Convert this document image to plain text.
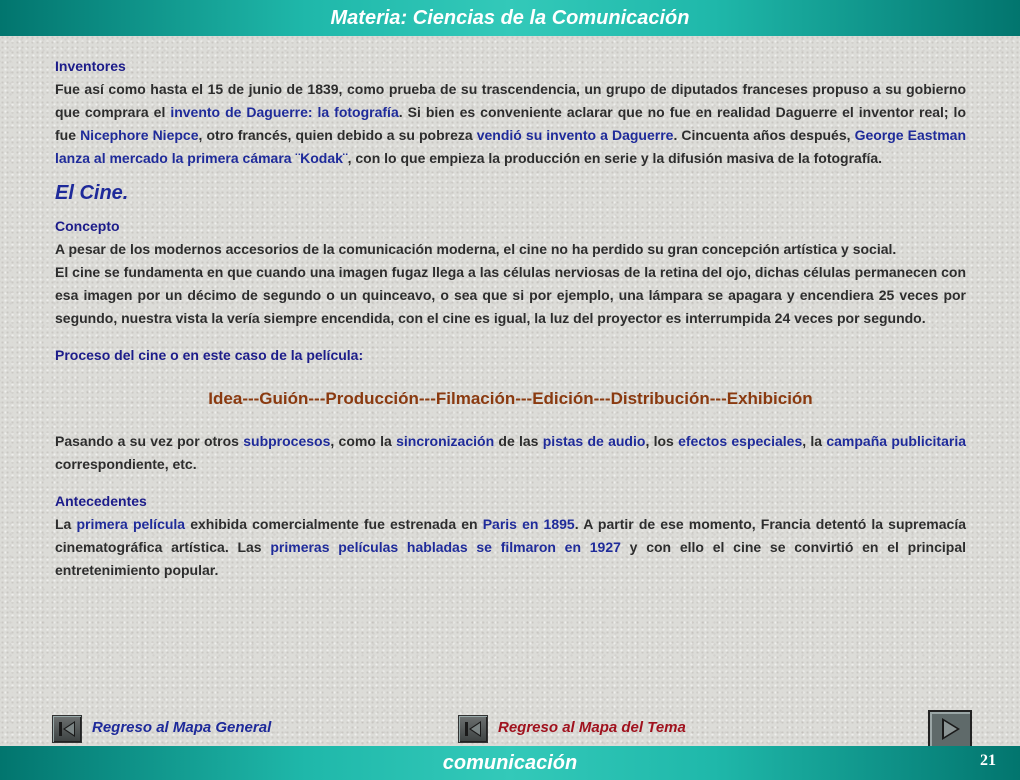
Materia: Ciencias de la Comunicación
Inventores

Fue así como hasta el 15 de junio de 1839, como prueba de su trascendencia, un grupo de diputados franceses propuso a su gobierno que comprara el invento de Daguerre: la fotografía. Si bien es conveniente aclarar que no fue en realidad Daguerre el inventor real; lo fue Nicephore Niepce, otro francés, quien debido a su pobreza vendió su invento a Daguerre. Cincuenta años después, George Eastman lanza al mercado la primera cámara ¨Kodak¨, con lo que empieza la producción en serie y la difusión masiva de la fotografía.

El Cine.
Concepto

A pesar de los modernos accesorios de la comunicación moderna, el cine no ha perdido su gran concepción artística y social.

El cine se fundamenta en que cuando una imagen fugaz llega a las células nerviosas de la retina del ojo, dichas células permanecen con esa imagen por un décimo de segundo o un quinceavo, o sea que si por ejemplo, una lámpara se apagara y encendiera 25 veces por segundo, nuestra vista la vería siempre encendida, con el cine es igual, la luz del proyector es interrumpida 24 veces por segundo.

Proceso del cine o en este caso de la película:
Idea---Guión---Producción---Filmación---Edición---Distribución---Exhibición

Pasando a su vez por otros subprocesos, como la sincronización de las pistas de audio, los efectos especiales, la campaña publicitaria correspondiente, etc.

Antecedentes

La primera película exhibida comercialmente fue estrenada en Paris en 1895. A partir de ese momento, Francia detentó la supremacía cinematográfica artística. Las primeras películas habladas se filmaron en 1927 y con ello el cine se convirtió en el principal entretenimiento popular.

Regreso al Mapa General	Regreso al Mapa del Tema
comunicación	21
